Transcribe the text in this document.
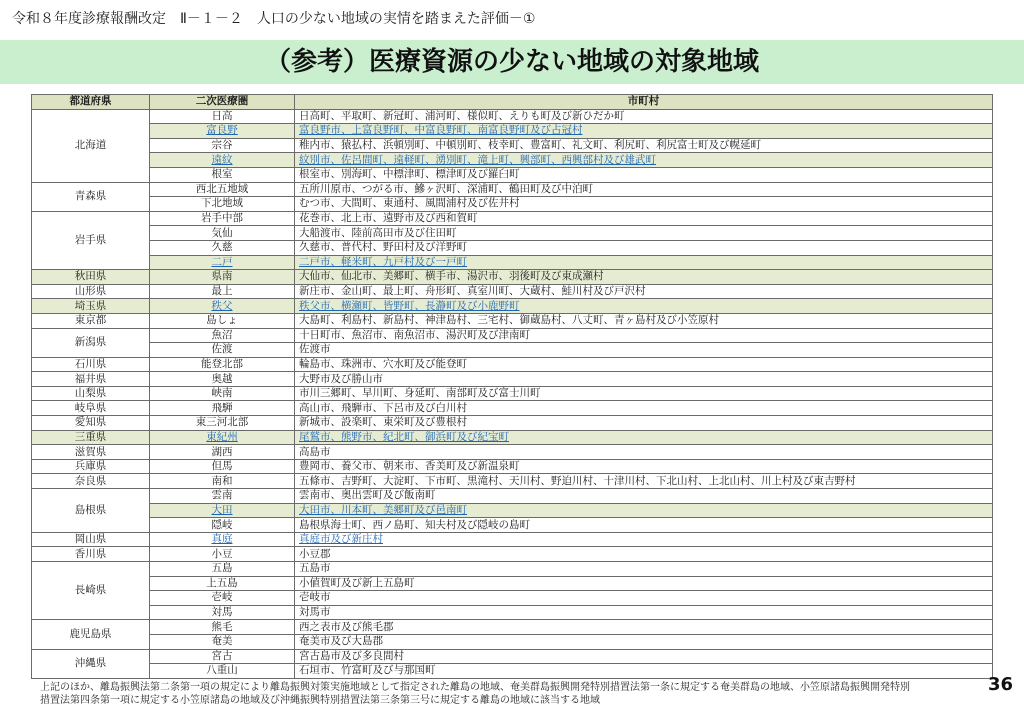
令和８年度診療報酬改定　Ⅱ－１－２　人口の少ない地域の実情を踏まえた評価－①
（参考）医療資源の少ない地域の対象地域
都道府県	二次医療圏	市町村
北海道	日高	日高町、平取町、新冠町、浦河町、様似町、えりも町及び新ひだか町
	富良野	富良野市、上富良野町、中富良野町、南富良野町及び占冠村
	宗谷	稚内市、猿払村、浜頓別町、中頓別町、枝幸町、豊富町、礼文町、利尻町、利尻富士町及び幌延町
	遠紋	紋別市、佐呂間町、遠軽町、湧別町、滝上町、興部町、西興部村及び雄武町
	根室	根室市、別海町、中標津町、標津町及び羅臼町
青森県	西北五地域	五所川原市、つがる市、鰺ヶ沢町、深浦町、鶴田町及び中泊町
	下北地域	むつ市、大間町、東通村、風間浦村及び佐井村
岩手県	岩手中部	花巻市、北上市、遠野市及び西和賀町
	気仙	大船渡市、陸前高田市及び住田町
	久慈	久慈市、普代村、野田村及び洋野町
	二戸	二戸市、軽米町、九戸村及び一戸町
秋田県	県南	大仙市、仙北市、美郷町、横手市、湯沢市、羽後町及び東成瀬村
山形県	最上	新庄市、金山町、最上町、舟形町、真室川町、大蔵村、鮭川村及び戸沢村
埼玉県	秩父	秩父市、横瀬町、皆野町、長瀞町及び小鹿野町
東京都	島しょ	大島町、利島村、新島村、神津島村、三宅村、御蔵島村、八丈町、青ヶ島村及び小笠原村
新潟県	魚沼	十日町市、魚沼市、南魚沼市、湯沢町及び津南町
	佐渡	佐渡市
石川県	能登北部	輪島市、珠洲市、穴水町及び能登町
福井県	奥越	大野市及び勝山市
山梨県	峡南	市川三郷町、早川町、身延町、南部町及び富士川町
岐阜県	飛騨	高山市、飛騨市、下呂市及び白川村
愛知県	東三河北部	新城市、設楽町、東栄町及び豊根村
三重県	東紀州	尾鷲市、熊野市、紀北町、御浜町及び紀宝町
滋賀県	湖西	高島市
兵庫県	但馬	豊岡市、養父市、朝来市、香美町及び新温泉町
奈良県	南和	五條市、吉野町、大淀町、下市町、黒滝村、天川村、野迫川村、十津川村、下北山村、上北山村、川上村及び東吉野村
島根県	雲南	雲南市、奥出雲町及び飯南町
	大田	大田市、川本町、美郷町及び邑南町
	隠岐	島根県海士町、西ノ島町、知夫村及び隠岐の島町
岡山県	真庭	真庭市及び新庄村
香川県	小豆	小豆郡
長崎県	五島	五島市
	上五島	小値賀町及び新上五島町
	壱岐	壱岐市
	対馬	対馬市
鹿児島県	熊毛	西之表市及び熊毛郡
	奄美	奄美市及び大島郡
沖縄県	宮古	宮古島市及び多良間村
	八重山	石垣市、竹富町及び与那国町
36
上記のほか、離島振興法第二条第一項の規定により離島振興対策実施地域として指定された離島の地域、奄美群島振興開発特別措置法第一条に規定する奄美群島の地域、小笠原諸島振興開発特別
措置法第四条第一項に規定する小笠原諸島の地域及び沖縄振興特別措置法第三条第三号に規定する離島の地域に該当する地域
